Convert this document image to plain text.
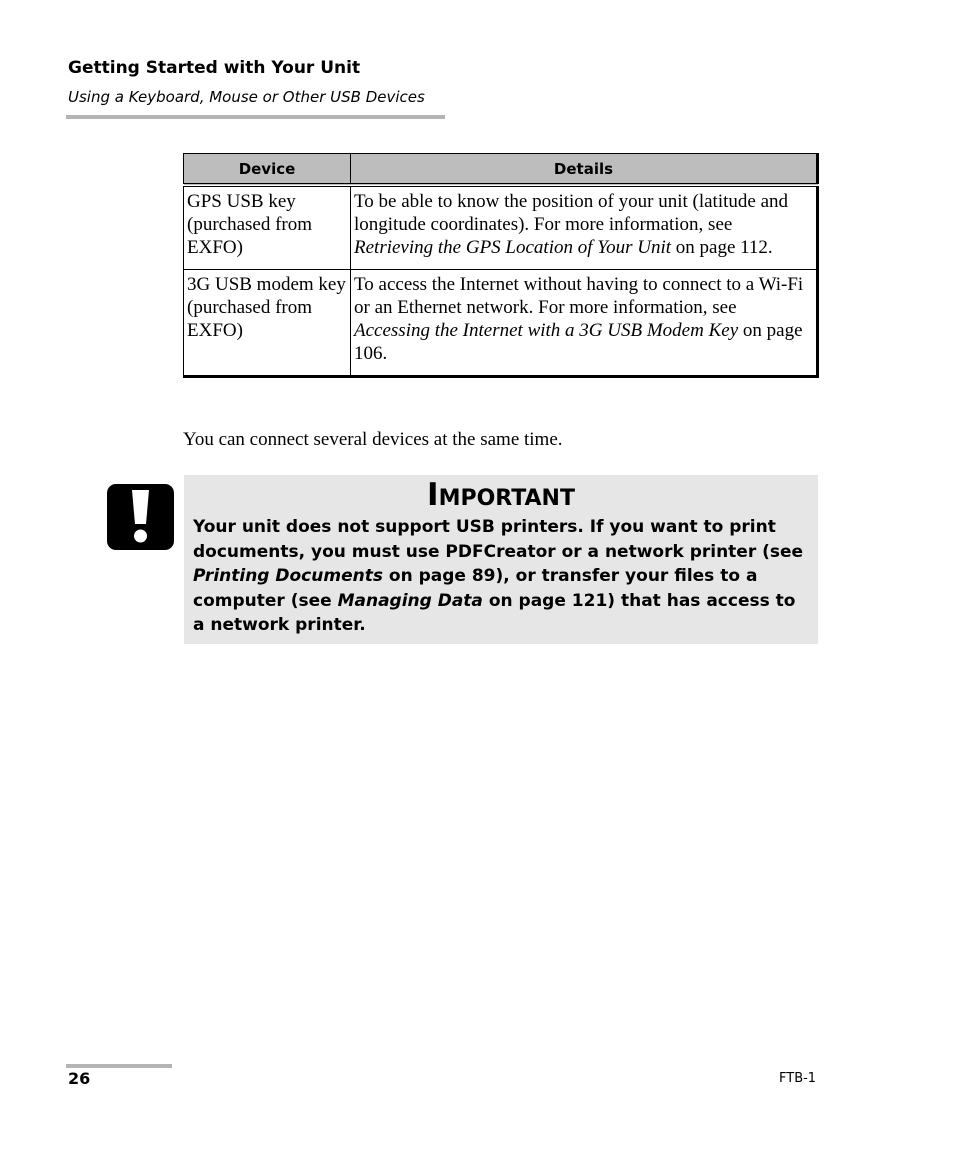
Getting Started with Your Unit
Using a Keyboard, Mouse or Other USB Devices
Device	Details
GPS USB key (purchased from EXFO)	To be able to know the position of your unit (latitude and longitude coordinates). For more information, see Retrieving the GPS Location of Your Unit on page 112.
3G USB modem key (purchased from EXFO)	To access the Internet without having to connect to a Wi-Fi or an Ethernet network. For more information, see Accessing the Internet with a 3G USB Modem Key on page 106.
You can connect several devices at the same time.
IMPORTANT
Your unit does not support USB printers. If you want to print documents, you must use PDFCreator or a network printer (see Printing Documents on page 89), or transfer your files to a computer (see Managing Data on page 121) that has access to a network printer.
26	FTB-1
